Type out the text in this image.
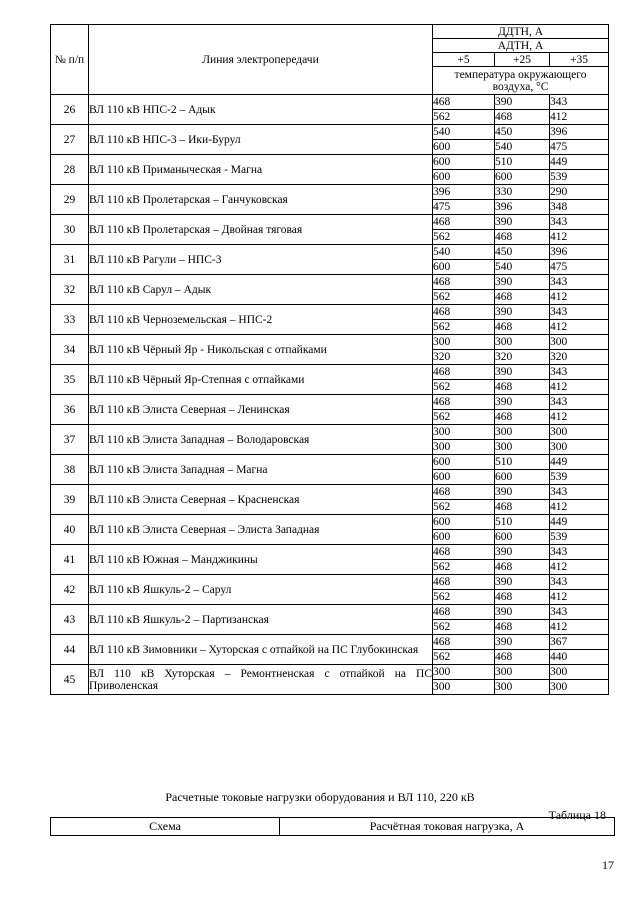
№ п/п	Линия электропередачи	ДДТН, А		
		АДТН, А		
		+5	+25	+35
		температура окружающего воздуха, °С		
26	ВЛ 110 кВ НПС-2 – Адык	468	390	343
		562	468	412
27	ВЛ 110 кВ НПС-3 – Ики-Бурул	540	450	396
		600	540	475
28	ВЛ 110 кВ Приманыческая - Магна	600	510	449
		600	600	539
29	ВЛ 110 кВ Пролетарская – Ганчуковская	396	330	290
		475	396	348
30	ВЛ 110 кВ Пролетарская – Двойная тяговая	468	390	343
		562	468	412
31	ВЛ 110 кВ Рагули – НПС-3	540	450	396
		600	540	475
32	ВЛ 110 кВ Сарул – Адык	468	390	343
		562	468	412
33	ВЛ 110 кВ Черноземельская – НПС-2	468	390	343
		562	468	412
34	ВЛ 110 кВ Чёрный Яр - Никольская с отпайками	300	300	300
		320	320	320
35	ВЛ 110 кВ Чёрный Яр-Степная с отпайками	468	390	343
		562	468	412
36	ВЛ 110 кВ Элиста Северная – Ленинская	468	390	343
		562	468	412
37	ВЛ 110 кВ Элиста Западная – Володаровская	300	300	300
		300	300	300
38	ВЛ 110 кВ Элиста Западная – Магна	600	510	449
		600	600	539
39	ВЛ 110 кВ Элиста Северная – Красненская	468	390	343
		562	468	412
40	ВЛ 110 кВ Элиста Северная – Элиста Западная	600	510	449
		600	600	539
41	ВЛ 110 кВ Южная – Манджикины	468	390	343
		562	468	412
42	ВЛ 110 кВ Яшкуль-2 – Сарул	468	390	343
		562	468	412
43	ВЛ 110 кВ Яшкуль-2 – Партизанская	468	390	343
		562	468	412
44	ВЛ 110 кВ Зимовники – Хуторская с отпайкой на ПС Глубокинская	468	390	367
		562	468	440
45	ВЛ 110 кВ Хуторская – Ремонтненская с отпайкой на ПС Приволенская	300	300	300
		300	300	300
Расчетные токовые нагрузки оборудования и ВЛ 110, 220 кВ
Таблица 18
Схема	Расчётная токовая нагрузка, А
17
